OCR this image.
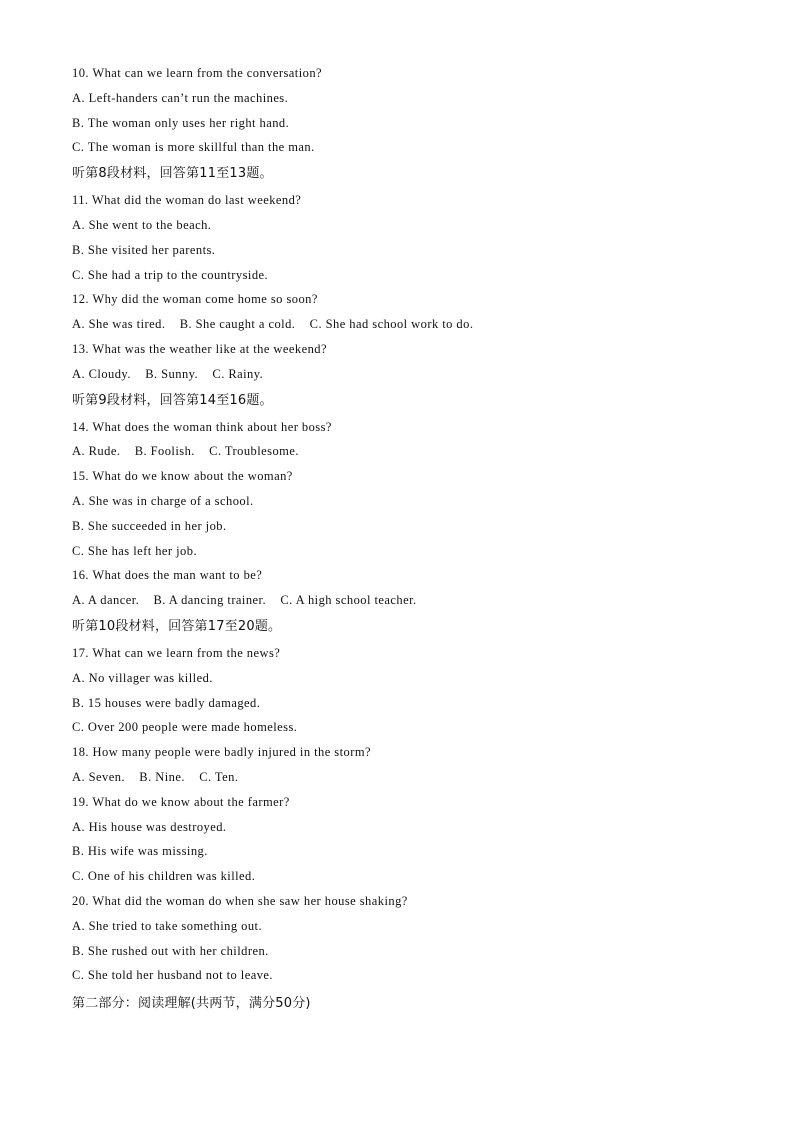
10. What can we learn from the conversation?
A. Left-handers can’t run the machines.
B. The woman only uses her right hand.
C. The woman is more skillful than the man.
听第8段材料，回答第11至13题。
11. What did the woman do last weekend?
A. She went to the beach.
B. She visited her parents.
C. She had a trip to the countryside.
12. Why did the woman come home so soon?
A. She was tired.    B. She caught a cold.    C. She had school work to do.
13. What was the weather like at the weekend?
A. Cloudy.    B. Sunny.    C. Rainy.
听第9段材料，回答第14至16题。
14. What does the woman think about her boss?
A. Rude.    B. Foolish.    C. Troublesome.
15. What do we know about the woman?
A. She was in charge of a school.
B. She succeeded in her job.
C. She has left her job.
16. What does the man want to be?
A. A dancer.    B. A dancing trainer.    C. A high school teacher.
听第10段材料，回答第17至20题。
17. What can we learn from the news?
A. No villager was killed.
B. 15 houses were badly damaged.
C. Over 200 people were made homeless.
18. How many people were badly injured in the storm?
A. Seven.    B. Nine.    C. Ten.
19. What do we know about the farmer?
A. His house was destroyed.
B. His wife was missing.
C. One of his children was killed.
20. What did the woman do when she saw her house shaking?
A. She tried to take something out.
B. She rushed out with her children.
C. She told her husband not to leave.
第二部分：阅读理解(共两节，满分50分)
